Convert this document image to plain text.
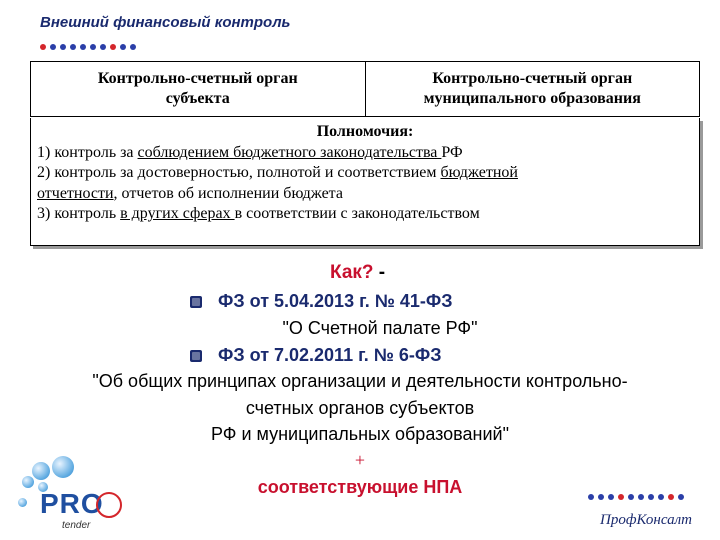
Внешний финансовый контроль
Контрольно-счетный орган
субъекта
Контрольно-счетный орган
муниципального образования
Полномочия:
1) контроль за соблюдением бюджетного законодательства РФ
2) контроль за достоверностью, полнотой и соответствием бюджетной
отчетности, отчетов об исполнении бюджета
3) контроль в других сферах в соответствии с законодательством
Как? -
ФЗ от 5.04.2013 г. № 41-ФЗ
"О Счетной палате РФ"
ФЗ от 7.02.2011 г. № 6-ФЗ
"Об общих принципах организации и деятельности контрольно-
счетных органов субъектов
РФ и муниципальных образований"
+
соответствующие НПА
PRO
tender	ПрофКонсалт
